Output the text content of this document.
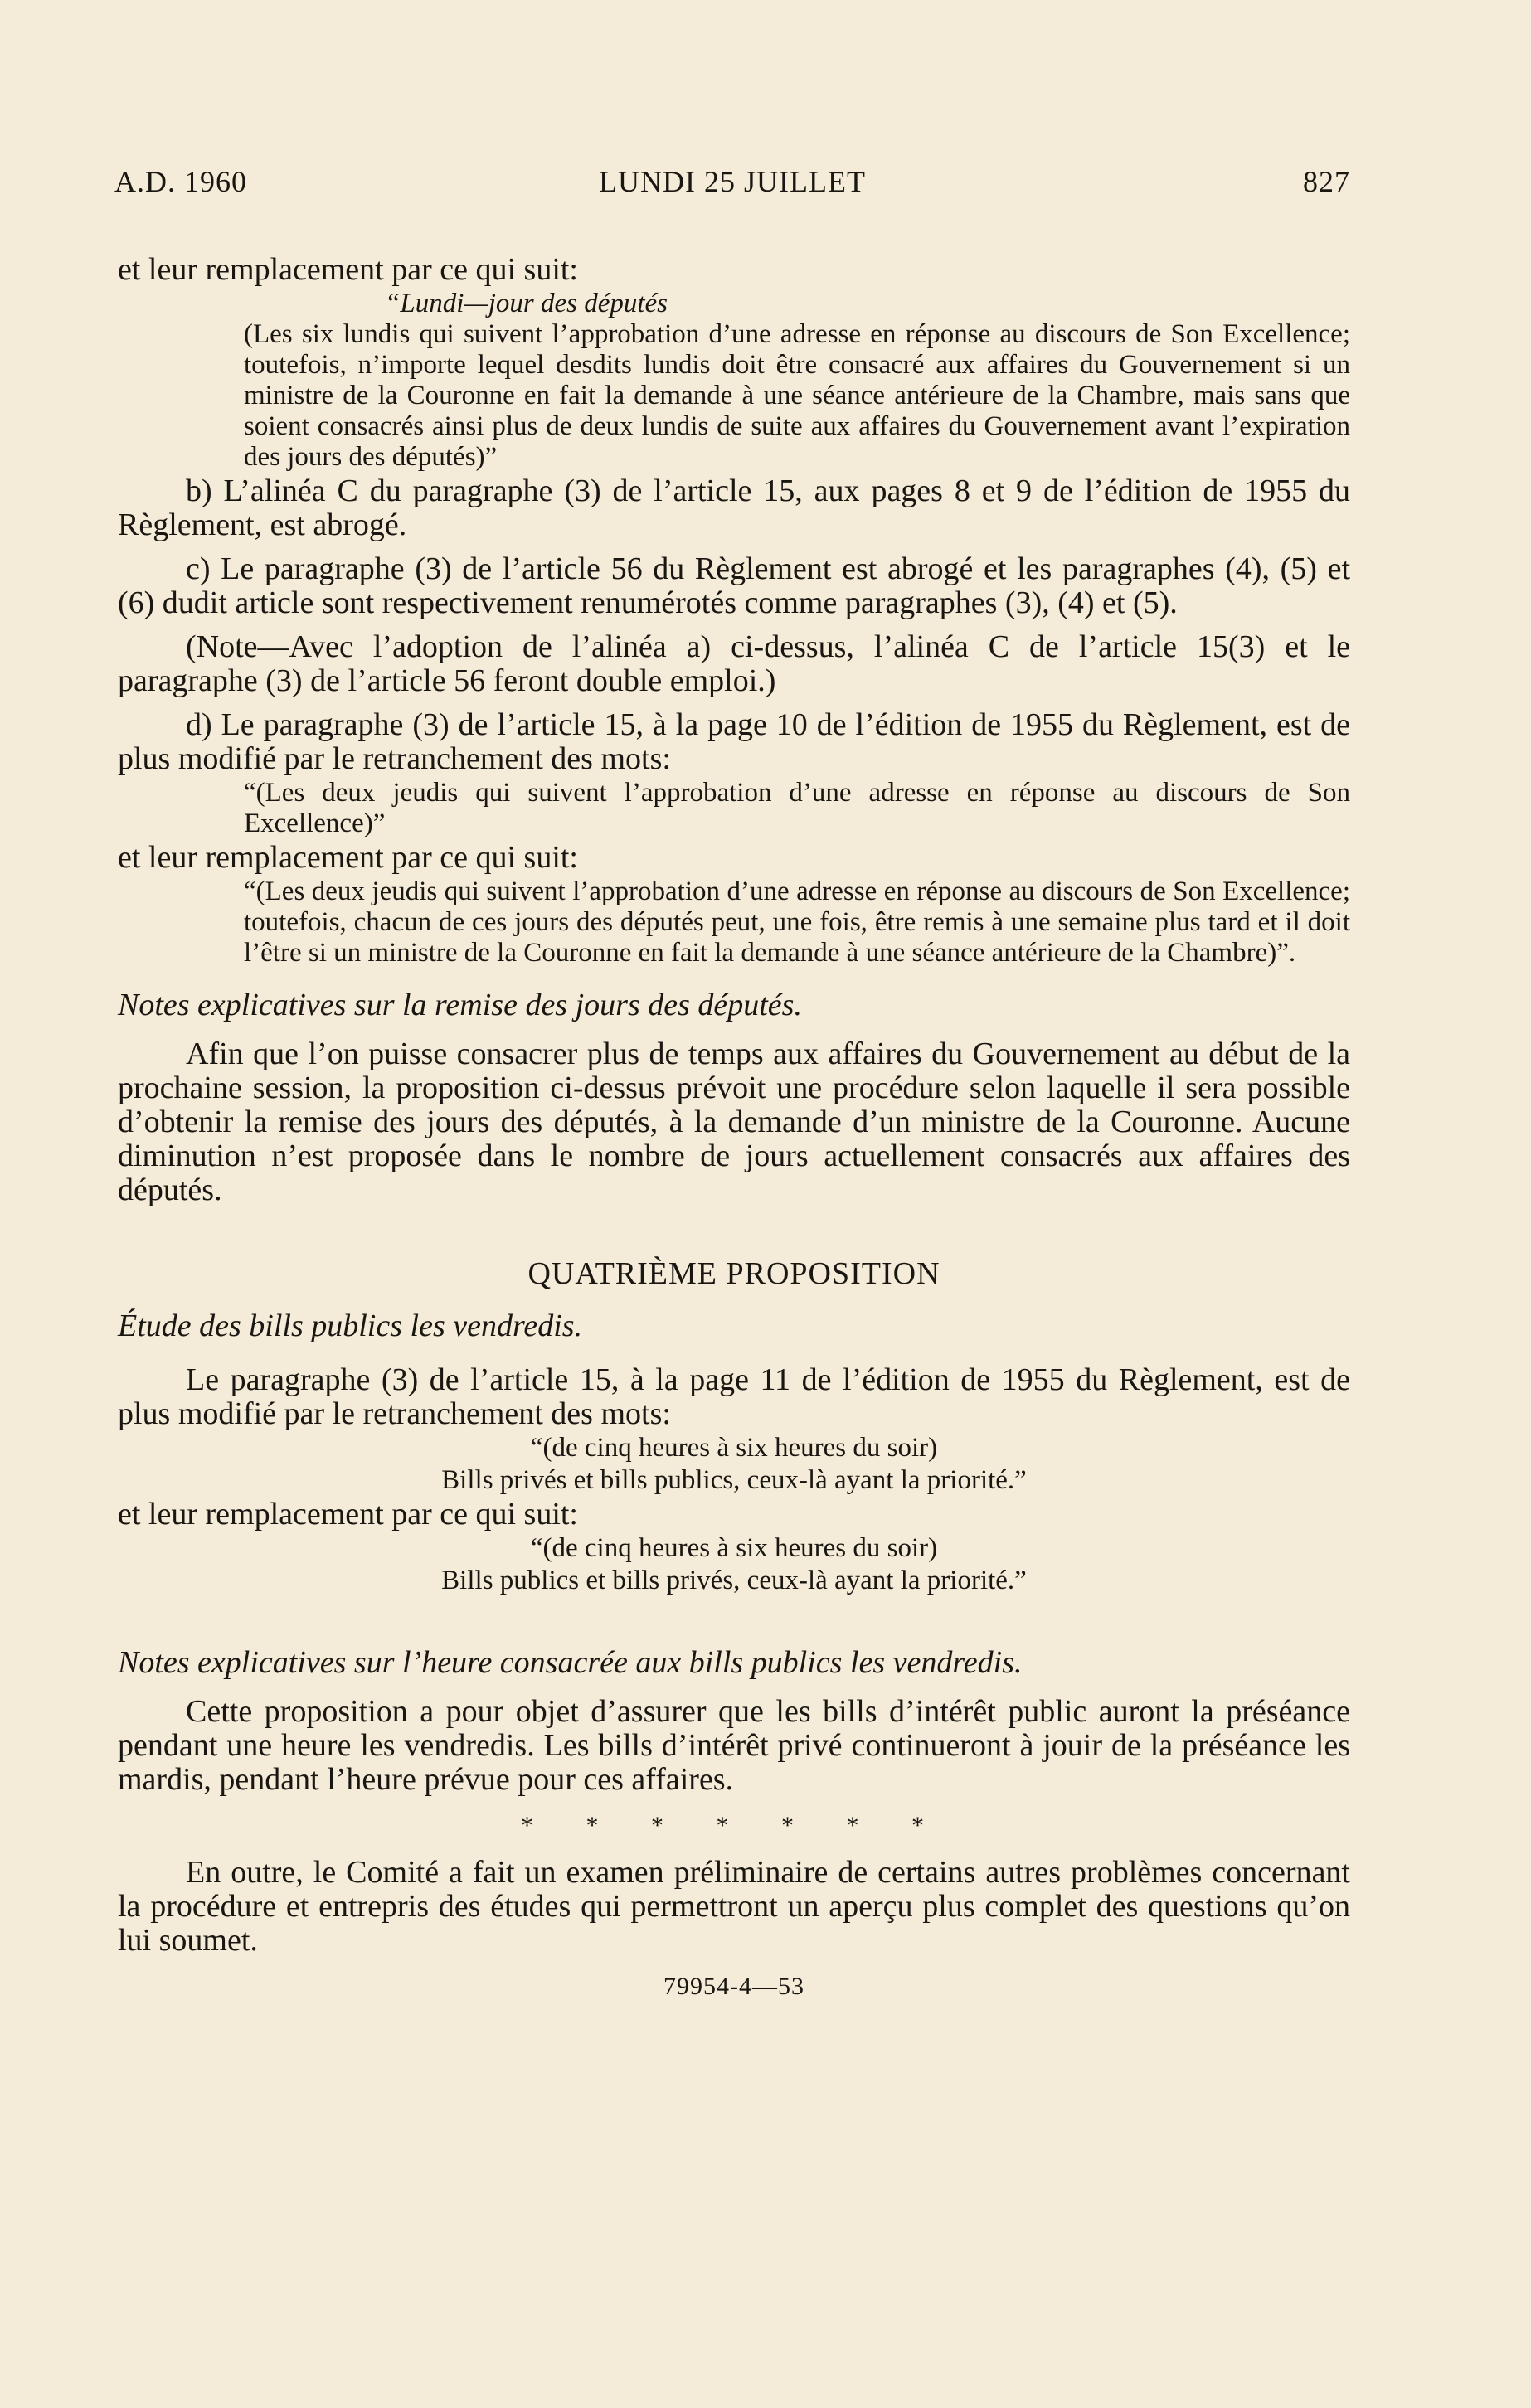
A.D. 1960	LUNDI 25 JUILLET	827

et leur remplacement par ce qui suit:

“Lundi—jour des députés
(Les six lundis qui suivent l’approbation d’une adresse en réponse au discours de Son Excellence; toutefois, n’importe lequel desdits lundis doit être consacré aux affaires du Gouvernement si un ministre de la Couronne en fait la demande à une séance antérieure de la Chambre, mais sans que soient consacrés ainsi plus de deux lundis de suite aux affaires du Gouvernement avant l’expiration des jours des députés)”

b) L’alinéa C du paragraphe (3) de l’article 15, aux pages 8 et 9 de l’édition de 1955 du Règlement, est abrogé.

c) Le paragraphe (3) de l’article 56 du Règlement est abrogé et les paragraphes (4), (5) et (6) dudit article sont respectivement renumérotés comme paragraphes (3), (4) et (5).

(Note—Avec l’adoption de l’alinéa a) ci-dessus, l’alinéa C de l’article 15(3) et le paragraphe (3) de l’article 56 feront double emploi.)

d) Le paragraphe (3) de l’article 15, à la page 10 de l’édition de 1955 du Règlement, est de plus modifié par le retranchement des mots:

“(Les deux jeudis qui suivent l’approbation d’une adresse en réponse au discours de Son Excellence)”

et leur remplacement par ce qui suit:

“(Les deux jeudis qui suivent l’approbation d’une adresse en réponse au discours de Son Excellence; toutefois, chacun de ces jours des députés peut, une fois, être remis à une semaine plus tard et il doit l’être si un ministre de la Couronne en fait la demande à une séance antérieure de la Chambre)”.

Notes explicatives sur la remise des jours des députés.

Afin que l’on puisse consacrer plus de temps aux affaires du Gouvernement au début de la prochaine session, la proposition ci-dessus prévoit une procédure selon laquelle il sera possible d’obtenir la remise des jours des députés, à la demande d’un ministre de la Couronne. Aucune diminution n’est proposée dans le nombre de jours actuellement consacrés aux affaires des députés.

QUATRIÈME PROPOSITION

Étude des bills publics les vendredis.

Le paragraphe (3) de l’article 15, à la page 11 de l’édition de 1955 du Règlement, est de plus modifié par le retranchement des mots:

“(de cinq heures à six heures du soir)
Bills privés et bills publics, ceux-là ayant la priorité.”

et leur remplacement par ce qui suit:

“(de cinq heures à six heures du soir)
Bills publics et bills privés, ceux-là ayant la priorité.”

Notes explicatives sur l’heure consacrée aux bills publics les vendredis.

Cette proposition a pour objet d’assurer que les bills d’intérêt public auront la préséance pendant une heure les vendredis. Les bills d’intérêt privé continueront à jouir de la préséance les mardis, pendant l’heure prévue pour ces affaires.

* * * * * * *

En outre, le Comité a fait un examen préliminaire de certains autres problèmes concernant la procédure et entrepris des études qui permettront un aperçu plus complet des questions qu’on lui soumet.

79954-4—53
